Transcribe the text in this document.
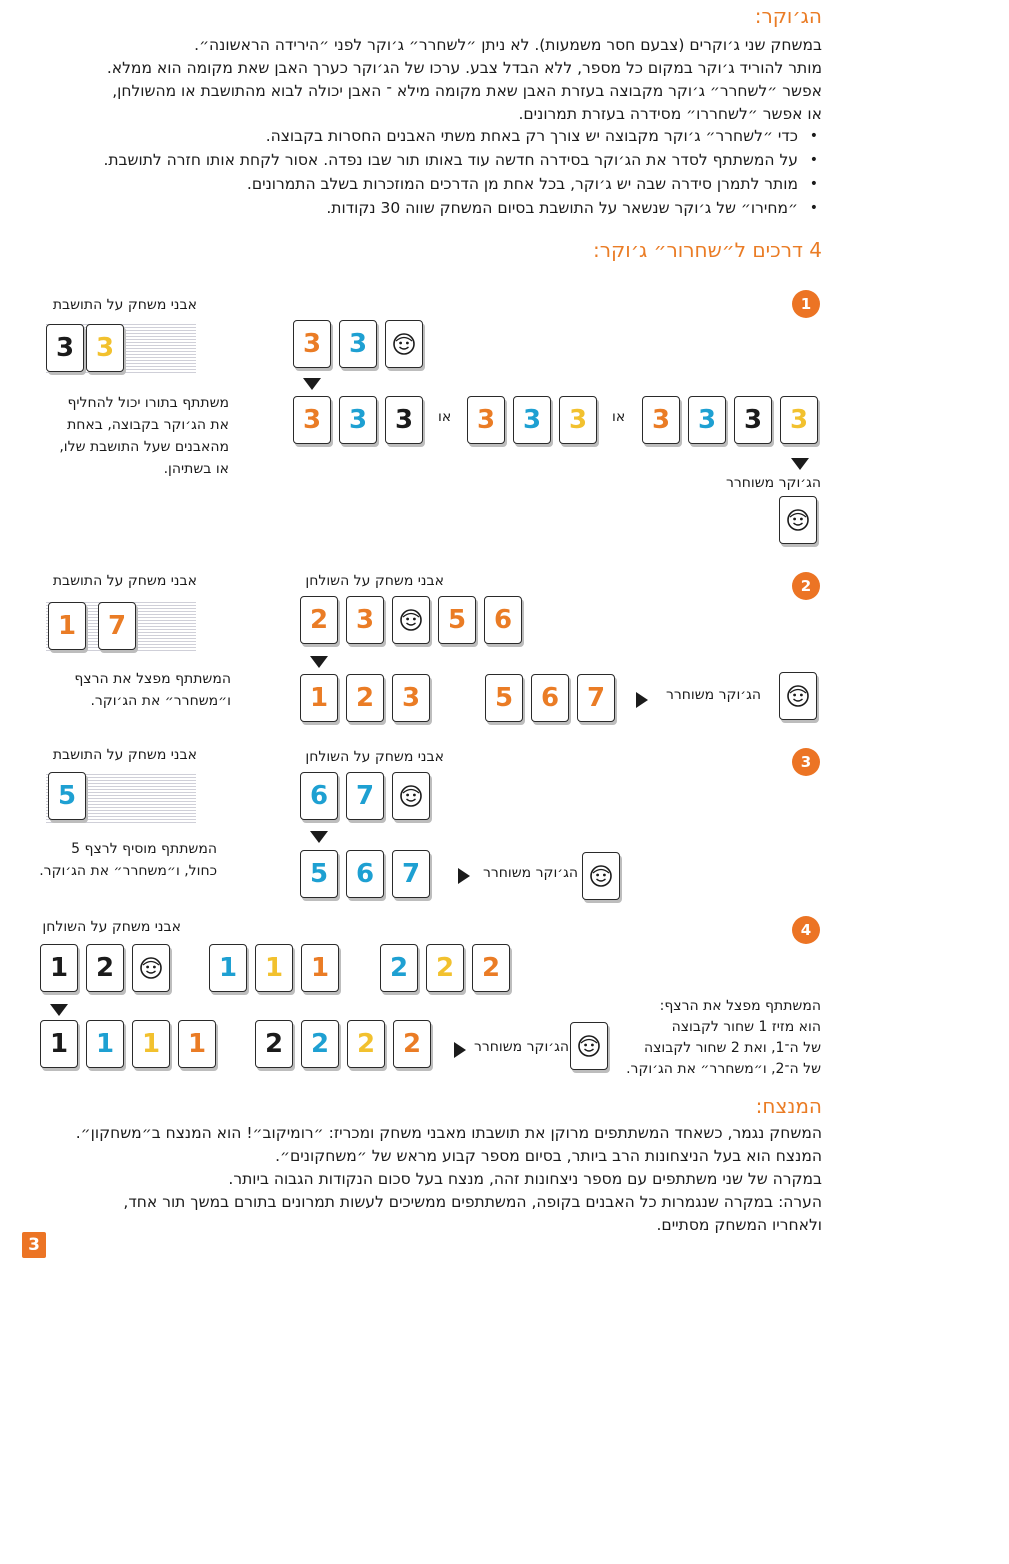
הג׳וקר:
במשחק שני ג׳וקרים (צבעם חסר משמעות). לא ניתן ״לשחרר״ ג׳וקר לפני ״הירידה הראשונה״.
מותר להוריד ג׳וקר במקום כל מספר, ללא הבדל צבע. ערכו של הג׳וקר כערך האבן שאת מקומה הוא ממלא.
אפשר ״לשחרר״ ג׳וקר מקבוצה בעזרת האבן שאת מקומה מילא ־ האבן יכולה לבוא מהתושבת או מהשולחן,
או אפשר ״לשחררו״ מסידרה בעזרת תמרונים.
• כדי ״לשחרר״ ג׳וקר מקבוצה יש צורך רק באחת משתי האבנים החסרות בקבוצה.
• על המשתתף לסדר את הג׳וקר בסידרה חדשה עוד באותו תור שבו נפדה. אסור לקחת אותו חזרה לתושבת.
• מותר לתמרן סידרה שבה יש ג׳וקר, בכל אחת מן הדרכים המוזכרות בשלב התמרונים.
• ״מחירו״ של ג׳וקר שנשאר על התושבת בסיום המשחק שווה 30 נקודות.
4 דרכים ל״שחרור״ ג׳וקר:
1
אבני משחק על התושבת
משתתף בתורו יכול להחליף
את הג׳וקר בקבוצה, באחת
מהאבנים שעל התושבת שלו,
או בשתיהן.
או	או
הג׳וקר משוחרר
2
אבני משחק על התושבת	אבני משחק על השולחן
המשתתף מפצל את הרצף
ו״משחרר״ את הג׳וקר.	הג׳וקר משוחרר
3
אבני משחק על התושבת	אבני משחק על השולחן
המשתתף מוסיף לרצף 5
כחול, ו״משחרר״ את הג׳וקר.	הג׳וקר משוחרר
4
אבני משחק על השולחן
הג׳וקר משוחרר
המשתתף מפצל את הרצף:
הוא מזיז 1 שחור לקבוצה
של ה־1, ואת 2 שחור לקבוצה
של ה־2, ו״משחרר״ את הג׳וקר.
המנצח:
המשחק נגמר, כשאחד המשתתפים מרוקן את תושבתו מאבני משחק ומכריז: ״רומיקוב״! הוא המנצח ב״משחקון״.
המנצח הוא בעל הניצחונות הרב ביותר, בסיום מספר קבוע מראש של ״משחקונים״.
במקרה של שני משתתפים עם מספר ניצחונות זהה, מנצח בעל סכום הנקודות הגבוה ביותר.
הערה: במקרה שנגמרות כל האבנים בקופה, המשתתפים ממשיכים לעשות תמרונים בתורם במשך תור אחד,
ולאחריו המשחק מסתיים.
3
3 3	3	3
3	3	3	3	3	3	3	3	3	3
1	7	2	3	5	6
1	2	3	5	6	7
5	6	7
5	6	7
1	2	1	1	1	2	2	2
1	1	1	1	2	2	2	2
